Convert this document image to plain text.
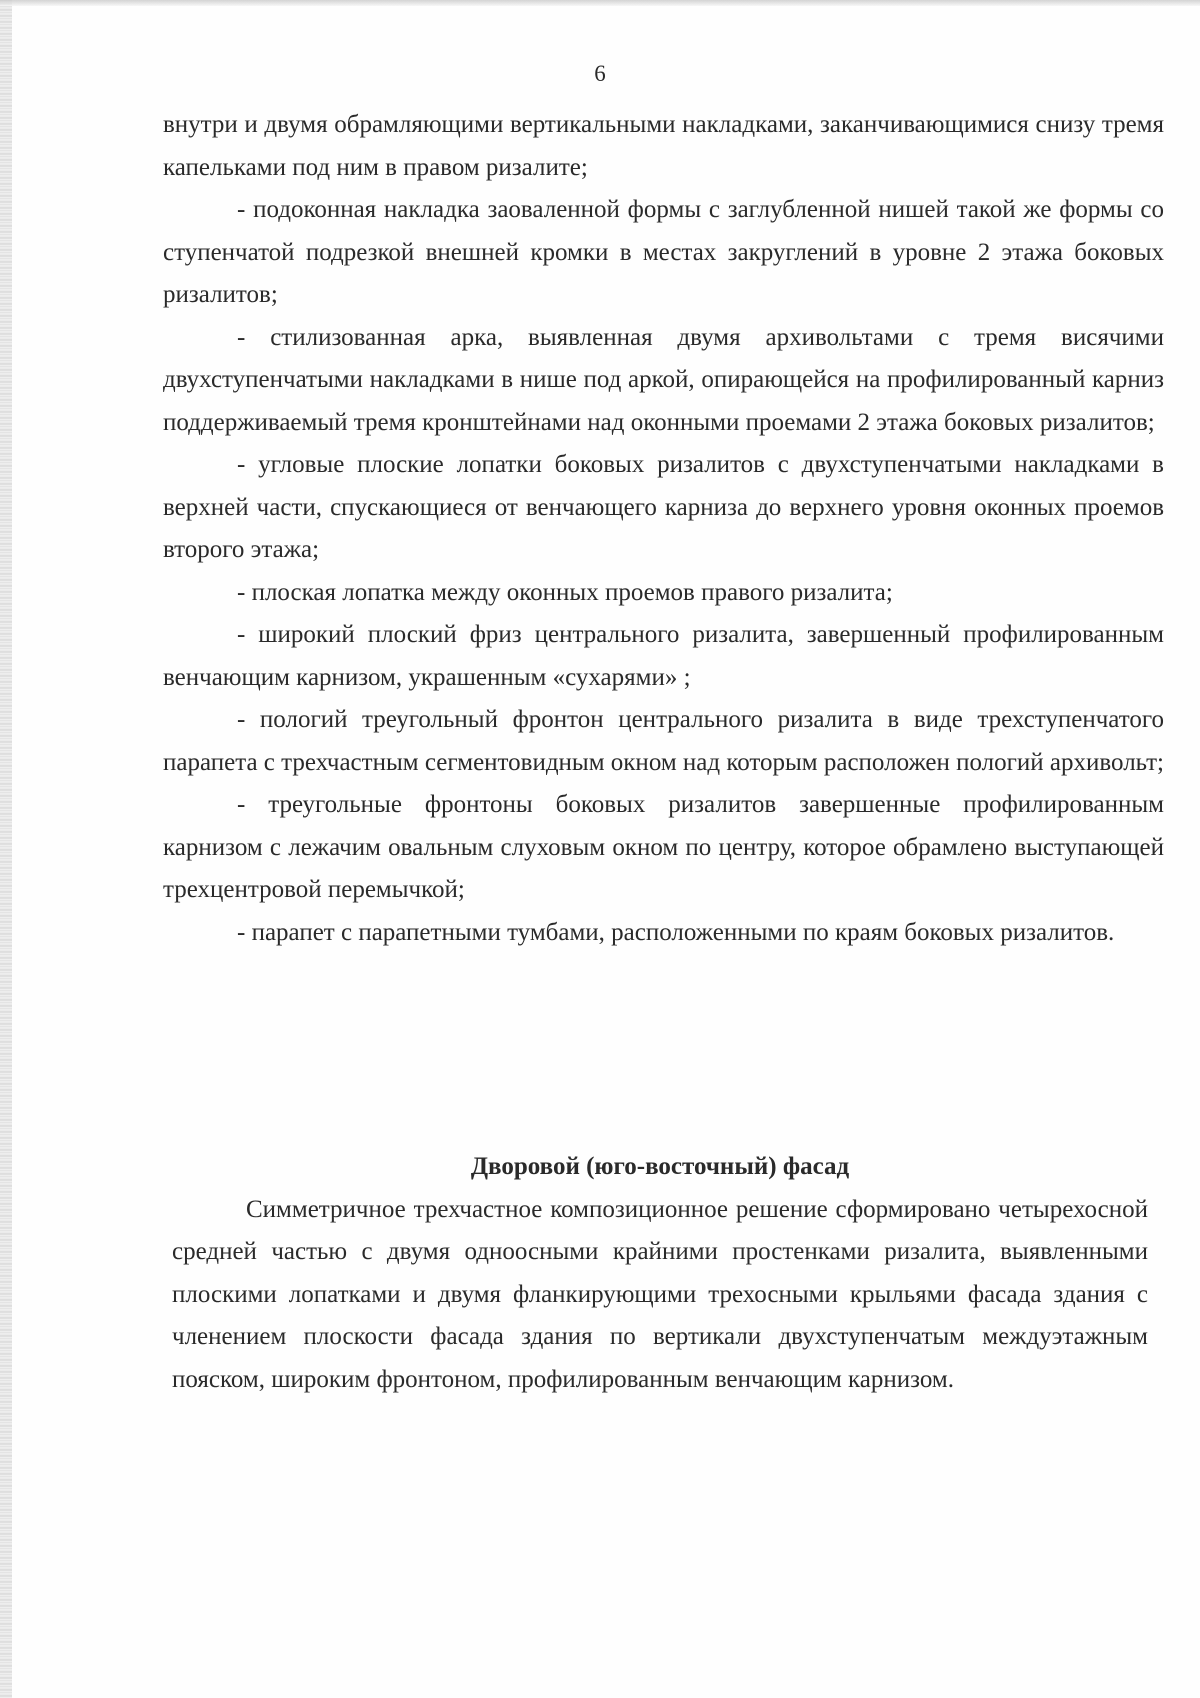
6

внутри и двумя обрамляющими вертикальными накладками, заканчивающимися снизу тремя капельками под ним в правом ризалите;

- подоконная накладка заоваленной формы с заглубленной нишей такой же формы со ступенчатой подрезкой внешней кромки в местах закруглений в уровне 2 этажа боковых ризалитов;

- стилизованная арка, выявленная двумя архивольтами с тремя висячими двухступенчатыми накладками в нише под аркой, опирающейся на профилированный карниз поддерживаемый тремя кронштейнами над оконными проемами 2 этажа боковых ризалитов;

- угловые плоские лопатки боковых ризалитов с двухступенчатыми накладками в верхней части, спускающиеся от венчающего карниза до верхнего уровня оконных проемов второго этажа;

- плоская лопатка между оконных проемов правого ризалита;

- широкий плоский фриз центрального ризалита, завершенный профилированным венчающим карнизом, украшенным «сухарями» ;

- пологий треугольный фронтон центрального ризалита в виде трехступенчатого парапета с трехчастным сегментовидным окном над которым расположен пологий архивольт;

- треугольные фронтоны боковых ризалитов завершенные профилированным карнизом с лежачим овальным слуховым окном по центру, которое обрамлено выступающей трехцентровой перемычкой;

- парапет с парапетными тумбами, расположенными по краям боковых ризалитов.

Дворовой (юго-восточный) фасад

Симметричное трехчастное композиционное решение сформировано четырехосной средней частью с двумя одноосными крайними простенками ризалита, выявленными плоскими лопатками и двумя фланкирующими трехосными крыльями фасада здания с членением плоскости фасада здания по вертикали двухступенчатым междуэтажным пояском, широким фронтоном, профилированным венчающим карнизом.
